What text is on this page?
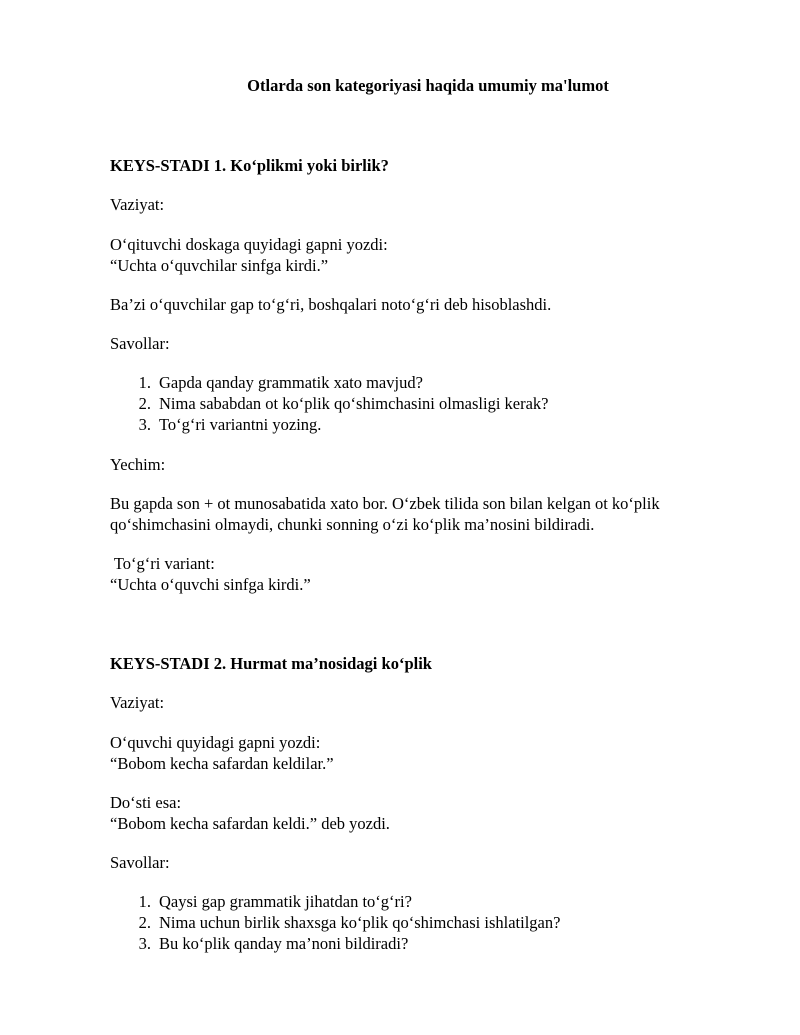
Otlarda son kategoriyasi haqida umumiy ma'lumot

KEYS-STADI 1. Ko‘plikmi yoki birlik?

Vaziyat:

O‘qituvchi doskaga quyidagi gapni yozdi:

“Uchta o‘quvchilar sinfga kirdi.”

Ba’zi o‘quvchilar gap to‘g‘ri, boshqalari noto‘g‘ri deb hisoblashdi.

Savollar:

1. Gapda qanday grammatik xato mavjud?
2. Nima sababdan ot ko‘plik qo‘shimchasini olmasligi kerak?
3. To‘g‘ri variantni yozing.

Yechim:

Bu gapda son + ot munosabatida xato bor. O‘zbek tilida son bilan kelgan ot ko‘plik

qo‘shimchasini olmaydi, chunki sonning o‘zi ko‘plik ma’nosini bildiradi.

To‘g‘ri variant:

“Uchta o‘quvchi sinfga kirdi.”

KEYS-STADI 2. Hurmat ma’nosidagi ko‘plik

Vaziyat:

O‘quvchi quyidagi gapni yozdi:

“Bobom kecha safardan keldilar.”

Do‘sti esa:

“Bobom kecha safardan keldi.” deb yozdi.

Savollar:

1. Qaysi gap grammatik jihatdan to‘g‘ri?
2. Nima uchun birlik shaxsga ko‘plik qo‘shimchasi ishlatilgan?
3. Bu ko‘plik qanday ma’noni bildiradi?
